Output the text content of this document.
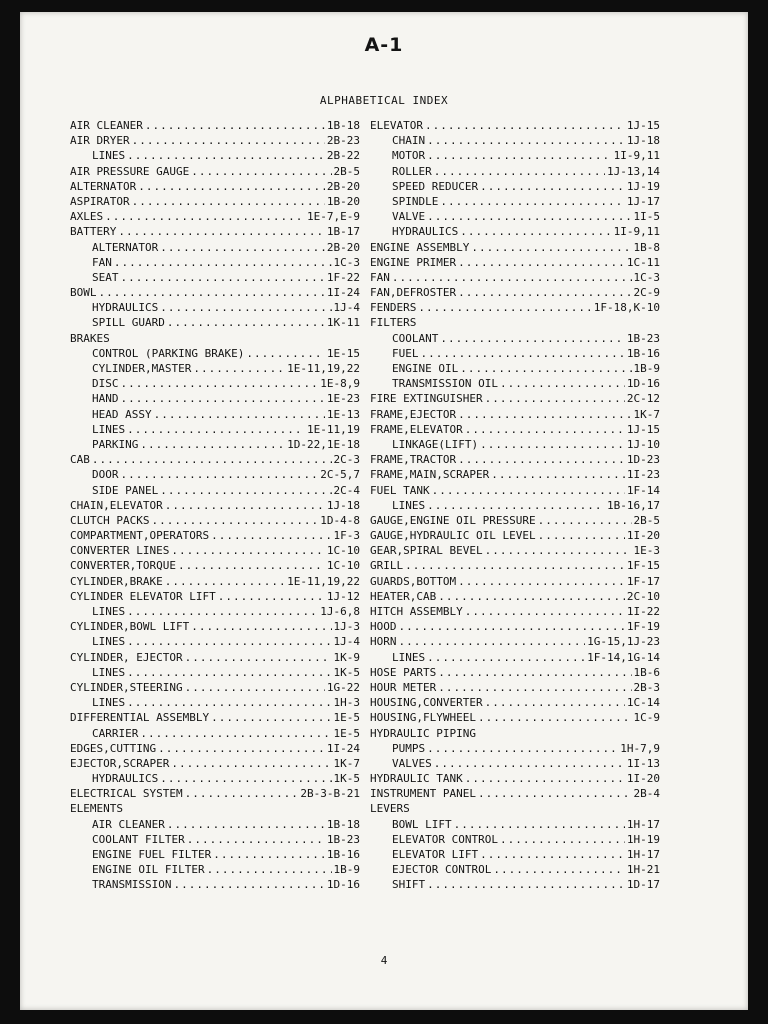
A-1
ALPHABETICAL INDEX
AIR CLEANER .....	1B-18
AIR DRYER .....	2B-23
LINES .....	2B-22
AIR PRESSURE GAUGE .....	2B-5
ALTERNATOR .....	2B-20
ASPIRATOR .....	1B-20
AXLES .....	1E-7,E-9
BATTERY .....	1B-17
ALTERNATOR .....	2B-20
FAN .....	1C-3
SEAT .....	1F-22
BOWL .....	1I-24
HYDRAULICS .....	1J-4
SPILL GUARD .....	1K-11
BRAKES
CONTROL (PARKING BRAKE) .....	1E-15
CYLINDER,MASTER .....	1E-11,19,22
DISC .....	1E-8,9
HAND .....	1E-23
HEAD ASSY .....	1E-13
LINES .....	1E-11,19
PARKING .....	1D-22,1E-18
CAB .....	2C-3
DOOR .....	2C-5,7
SIDE PANEL .....	2C-4
CHAIN,ELEVATOR .....	1J-18
CLUTCH PACKS .....	1D-4-8
COMPARTMENT,OPERATORS .....	1F-3
CONVERTER LINES .....	1C-10
CONVERTER,TORQUE .....	1C-10
CYLINDER,BRAKE .....	1E-11,19,22
CYLINDER ELEVATOR LIFT .....	1J-12
LINES .....	1J-6,8
CYLINDER,BOWL LIFT .....	1J-3
LINES .....	1J-4
CYLINDER, EJECTOR .....	1K-9
LINES .....	1K-5
CYLINDER,STEERING .....	1G-22
LINES .....	1H-3
DIFFERENTIAL ASSEMBLY .....	1E-5
CARRIER .....	1E-5
EDGES,CUTTING .....	1I-24
EJECTOR,SCRAPER .....	1K-7
HYDRAULICS .....	1K-5
ELECTRICAL SYSTEM .....	2B-3-B-21
ELEMENTS
AIR CLEANER .....	1B-18
COOLANT FILTER .....	1B-23
ENGINE FUEL FILTER .....	1B-16
ENGINE OIL FILTER .....	1B-9
TRANSMISSION .....	1D-16
ELEVATOR .....	1J-15
CHAIN .....	1J-18
MOTOR .....	1I-9,11
ROLLER .....	1J-13,14
SPEED REDUCER .....	1J-19
SPINDLE .....	1J-17
VALVE .....	1I-5
HYDRAULICS .....	1I-9,11
ENGINE ASSEMBLY .....	1B-8
ENGINE PRIMER .....	1C-11
FAN .....	1C-3
FAN,DEFROSTER .....	2C-9
FENDERS .....	1F-18,K-10
FILTERS
COOLANT .....	1B-23
FUEL .....	1B-16
ENGINE OIL .....	1B-9
TRANSMISSION OIL .....	1D-16
FIRE EXTINGUISHER .....	2C-12
FRAME,EJECTOR .....	1K-7
FRAME,ELEVATOR .....	1J-15
LINKAGE(LIFT) .....	1J-10
FRAME,TRACTOR .....	1D-23
FRAME,MAIN,SCRAPER .....	1I-23
FUEL TANK .....	1F-14
LINES .....	1B-16,17
GAUGE,ENGINE OIL PRESSURE .....	2B-5
GAUGE,HYDRAULIC OIL LEVEL .....	1I-20
GEAR,SPIRAL BEVEL .....	1E-3
GRILL .....	1F-15
GUARDS,BOTTOM .....	1F-17
HEATER,CAB .....	2C-10
HITCH ASSEMBLY .....	1I-22
HOOD .....	1F-19
HORN .....	1G-15,1J-23
LINES .....	1F-14,1G-14
HOSE PARTS .....	1B-6
HOUR METER .....	2B-3
HOUSING,CONVERTER .....	1C-14
HOUSING,FLYWHEEL .....	1C-9
HYDRAULIC PIPING
PUMPS .....	1H-7,9
VALVES .....	1I-13
HYDRAULIC TANK .....	1I-20
INSTRUMENT PANEL .....	2B-4
LEVERS
BOWL LIFT .....	1H-17
ELEVATOR CONTROL .....	1H-19
ELEVATOR LIFT .....	1H-17
EJECTOR CONTROL .....	1H-21
SHIFT .....	1D-17
4
